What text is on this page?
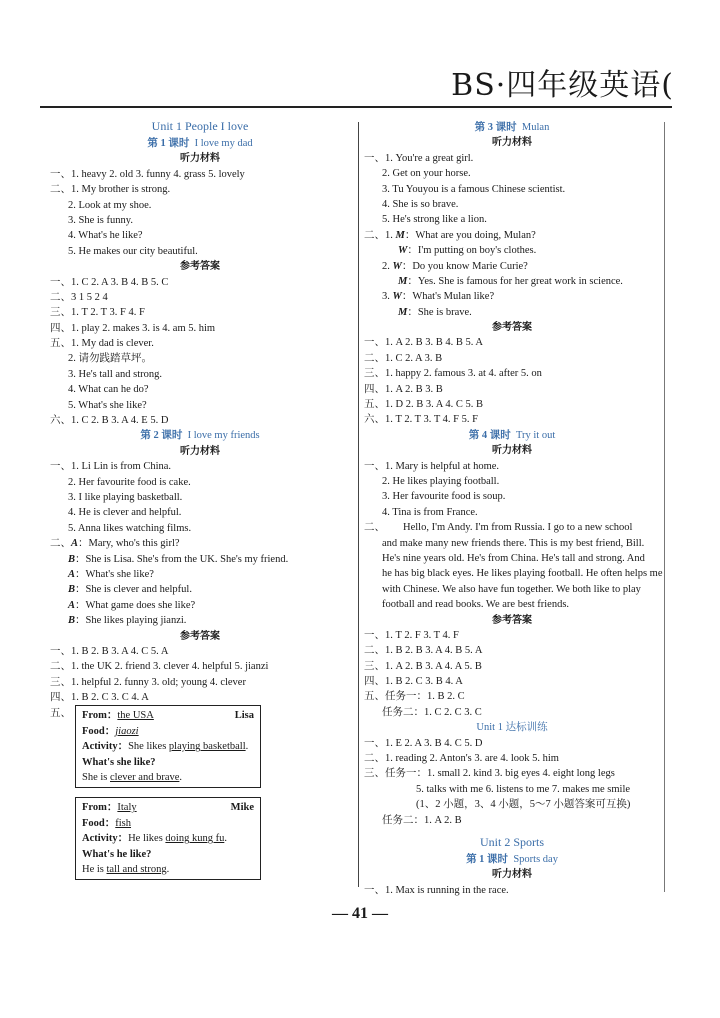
BS·四年级英语(
Unit 1 People I love
第 1 课时 I love my dad
听力材料
一、1. heavy 2. old 3. funny 4. grass 5. lovely
二、1. My brother is strong.
2. Look at my shoe.
3. She is funny.
4. What's he like?
5. He makes our city beautiful.
参考答案
一、1. C 2. A 3. B 4. B 5. C
二、3 1 5 2 4
三、1. T 2. T 3. F 4. F
四、1. play 2. makes 3. is 4. am 5. him
五、1. My dad is clever.
2. 请勿践踏草坪。
3. He's tall and strong.
4. What can he do?
5. What's she like?
六、1. C 2. B 3. A 4. E 5. D
第 2 课时 I love my friends
听力材料
一、1. Li Lin is from China.
2. Her favourite food is cake.
3. I like playing basketball.
4. He is clever and helpful.
5. Anna likes watching films.
二、A：Mary, who's this girl?
B：She is Lisa. She's from the UK. She's my friend.
A：What's she like?
B：She is clever and helpful.
A：What game does she like?
B：She likes playing jianzi.
参考答案
一、1. B 2. B 3. A 4. C 5. A
二、1. the UK 2. friend 3. clever 4. helpful 5. jianzi
三、1. helpful 2. funny 3. old; young 4. clever
四、1. B 2. C 3. C 4. A
五、	Lisa
From：the USA
Food：jiaozi
Activity：She likes playing basketball.
What's she like?
She is clever and brave.
Mike
From：Italy
Food：fish
Activity：He likes doing kung fu.
What's he like?
He is tall and strong.
第 3 课时 Mulan
听力材料
一、1. You're a great girl.
2. Get on your horse.
3. Tu Youyou is a famous Chinese scientist.
4. She is so brave.
5. He's strong like a lion.
二、1. M：What are you doing, Mulan?
W：I'm putting on boy's clothes.
2. W：Do you know Marie Curie?
M：Yes. She is famous for her great work in science.
3. W：What's Mulan like?
M：She is brave.
参考答案
一、1. A 2. B 3. B 4. B 5. A
二、1. C 2. A 3. B
三、1. happy 2. famous 3. at 4. after 5. on
四、1. A 2. B 3. B
五、1. D 2. B 3. A 4. C 5. B
六、1. T 2. T 3. T 4. F 5. F
第 4 课时 Try it out
听力材料
一、1. Mary is helpful at home.
2. He likes playing football.
3. Her favourite food is soup.
4. Tina is from France.
二、 Hello, I'm Andy. I'm from Russia. I go to a new school
and make many new friends there. This is my best friend, Bill.
He's nine years old. He's from China. He's tall and strong. And
he has big black eyes. He likes playing football. He often helps me
with Chinese. We also have fun together. We both like to play
football and read books. We are best friends.
参考答案
一、1. T 2. F 3. T 4. F
二、1. B 2. B 3. A 4. B 5. A
三、1. A 2. B 3. A 4. A 5. B
四、1. B 2. C 3. B 4. A
五、任务一：1. B 2. C
任务二：1. C 2. C 3. C
Unit 1 达标训练
一、1. E 2. A 3. B 4. C 5. D
二、1. reading 2. Anton's 3. are 4. look 5. him
三、任务一：1. small 2. kind 3. big eyes 4. eight long legs
5. talks with me 6. listens to me 7. makes me smile
(1、2 小题，3、4 小题，5～7 小题答案可互换)
任务二：1. A 2. B
Unit 2 Sports
第 1 课时 Sports day
听力材料
一、1. Max is running in the race.
— 41 —
